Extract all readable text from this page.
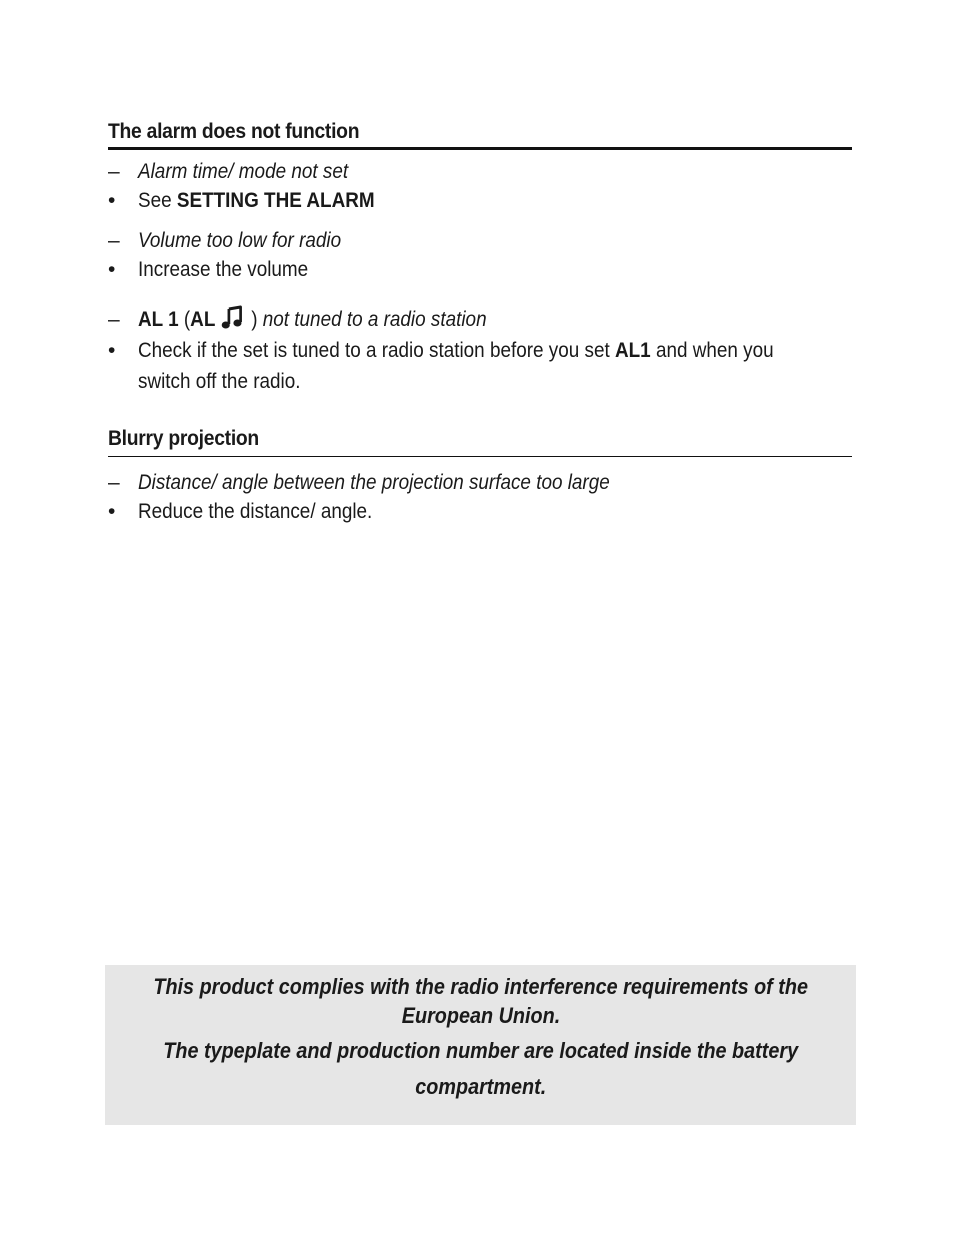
The alarm does not function
– Alarm time/ mode not set
•	See SETTING THE ALARM
– Volume too low for radio
•	Increase the volume
– AL 1 (AL ) not tuned to a radio station
•	Check if the set is tuned to a radio station before you set AL1 and when you
switch off the radio.
Blurry projection
– Distance/ angle between the projection surface too large
•	Reduce the distance/ angle.
This product complies with the radio interference requirements of the
European Union.
The typeplate and production number are located inside the battery
compartment.
